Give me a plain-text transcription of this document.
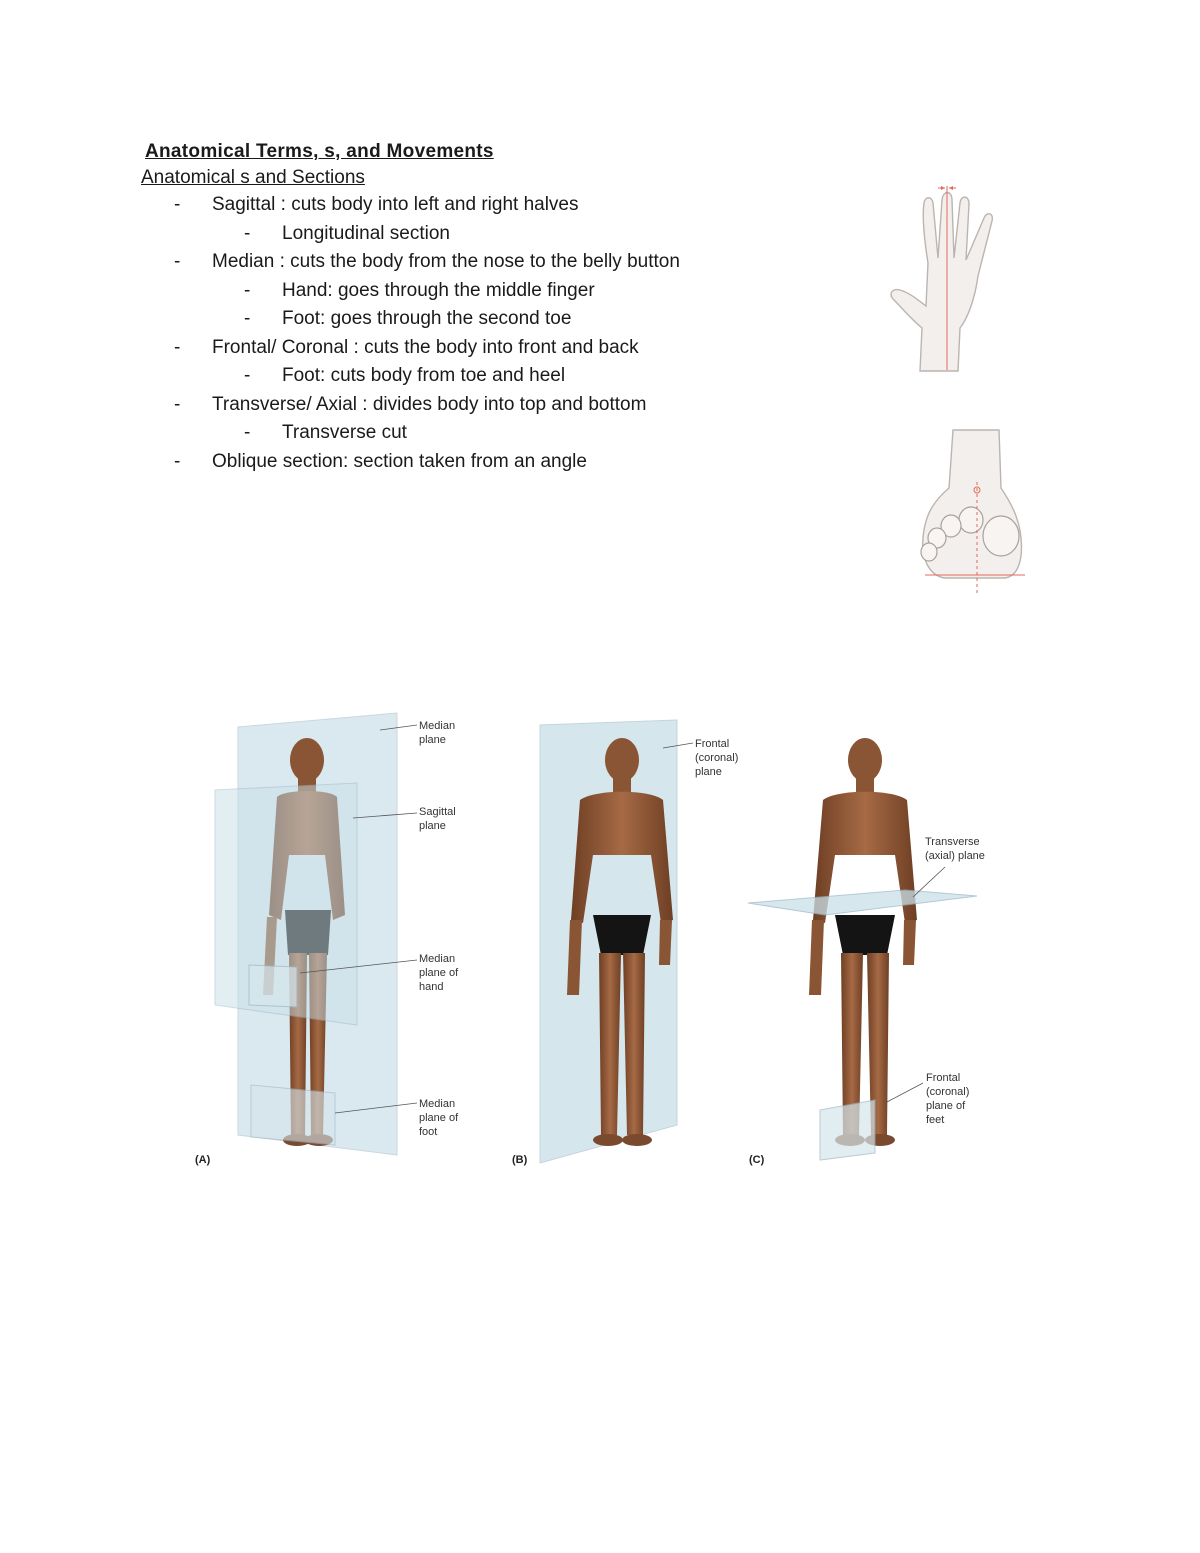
Anatomical Terms, s, and Movements
Anatomical s and Sections
- Sagittal : cuts body into left and right halves
- Longitudinal section
- Median : cuts the body from the nose to the belly button
- Hand: goes through the middle finger
- Foot: goes through the second toe
- Frontal/ Coronal : cuts the body into front and back
- Foot: cuts body from toe and heel
- Transverse/ Axial : divides body into top and bottom
- Transverse cut
- Oblique section: section taken from an angle
Median plane
Sagittal plane
Median plane of hand
Median plane of foot
(A)
Frontal (coronal) plane
(B)
Transverse (axial) plane
Frontal (coronal) plane of feet
(C)
